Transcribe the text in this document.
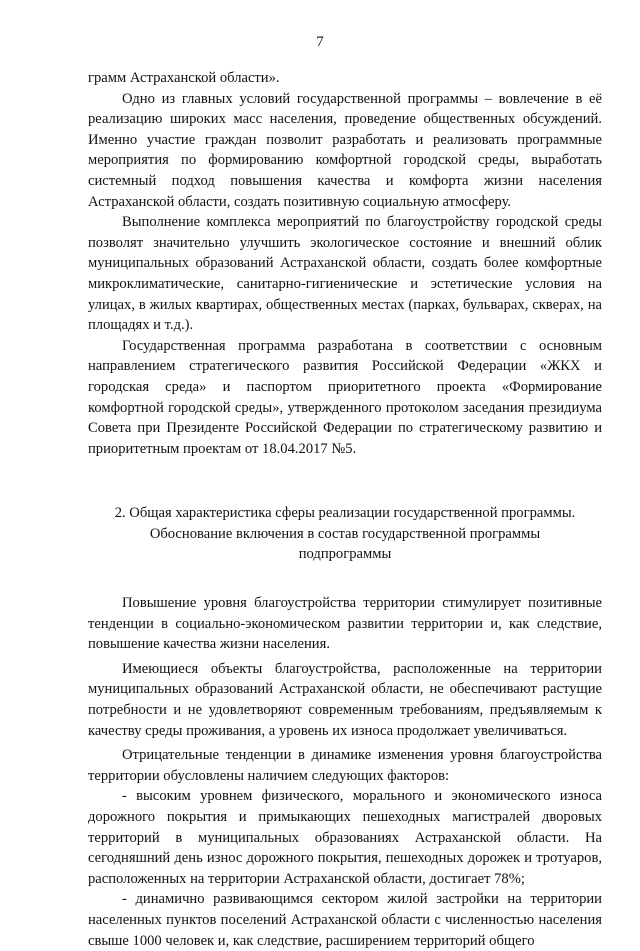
7

грамм Астраханской области».

Одно из главных условий государственной программы – вовлечение в её реализацию широких масс населения, проведение общественных обсуждений. Именно участие граждан позволит разработать и реализовать программные мероприятия по формированию комфортной городской среды, выработать системный подход повышения качества и комфорта жизни населения Астраханской области, создать позитивную социальную атмосферу.

Выполнение комплекса мероприятий по благоустройству городской среды позволят значительно улучшить экологическое состояние и внешний облик муниципальных образований Астраханской области, создать более комфортные микроклиматические, санитарно-гигиенические и эстетические условия на улицах, в жилых квартирах, общественных местах (парках, бульварах, скверах, на площадях и т.д.).

Государственная программа разработана в соответствии с основным направлением стратегического развития Российской Федерации «ЖКХ и городская среда» и паспортом приоритетного проекта «Формирование комфортной городской среды», утвержденного протоколом заседания президиума Совета при Президенте Российской Федерации по стратегическому развитию и приоритетным проектам от 18.04.2017 №5.

2. Общая характеристика сферы реализации государственной программы.

Обоснование включения в состав государственной программы

подпрограммы

Повышение уровня благоустройства территории стимулирует позитивные тенденции в социально-экономическом развитии территории и, как следствие, повышение качества жизни населения.

Имеющиеся объекты благоустройства, расположенные на территории муниципальных образований Астраханской области, не обеспечивают растущие потребности и не удовлетворяют современным требованиям, предъявляемым к качеству среды проживания, а уровень их износа продолжает увеличиваться.

Отрицательные тенденции в динамике изменения уровня благоустройства территории обусловлены наличием следующих факторов:

- высоким уровнем физического, морального и экономического износа дорожного покрытия и примыкающих пешеходных магистралей дворовых территорий в муниципальных образованиях Астраханской области. На сегодняшний день износ дорожного покрытия, пешеходных дорожек и тротуаров, расположенных на территории Астраханской области, достигает 78%;

- динамично развивающимся сектором жилой застройки на территории населенных пунктов поселений Астраханской области с численностью населения свыше 1000 человек и, как следствие, расширением территорий общего
